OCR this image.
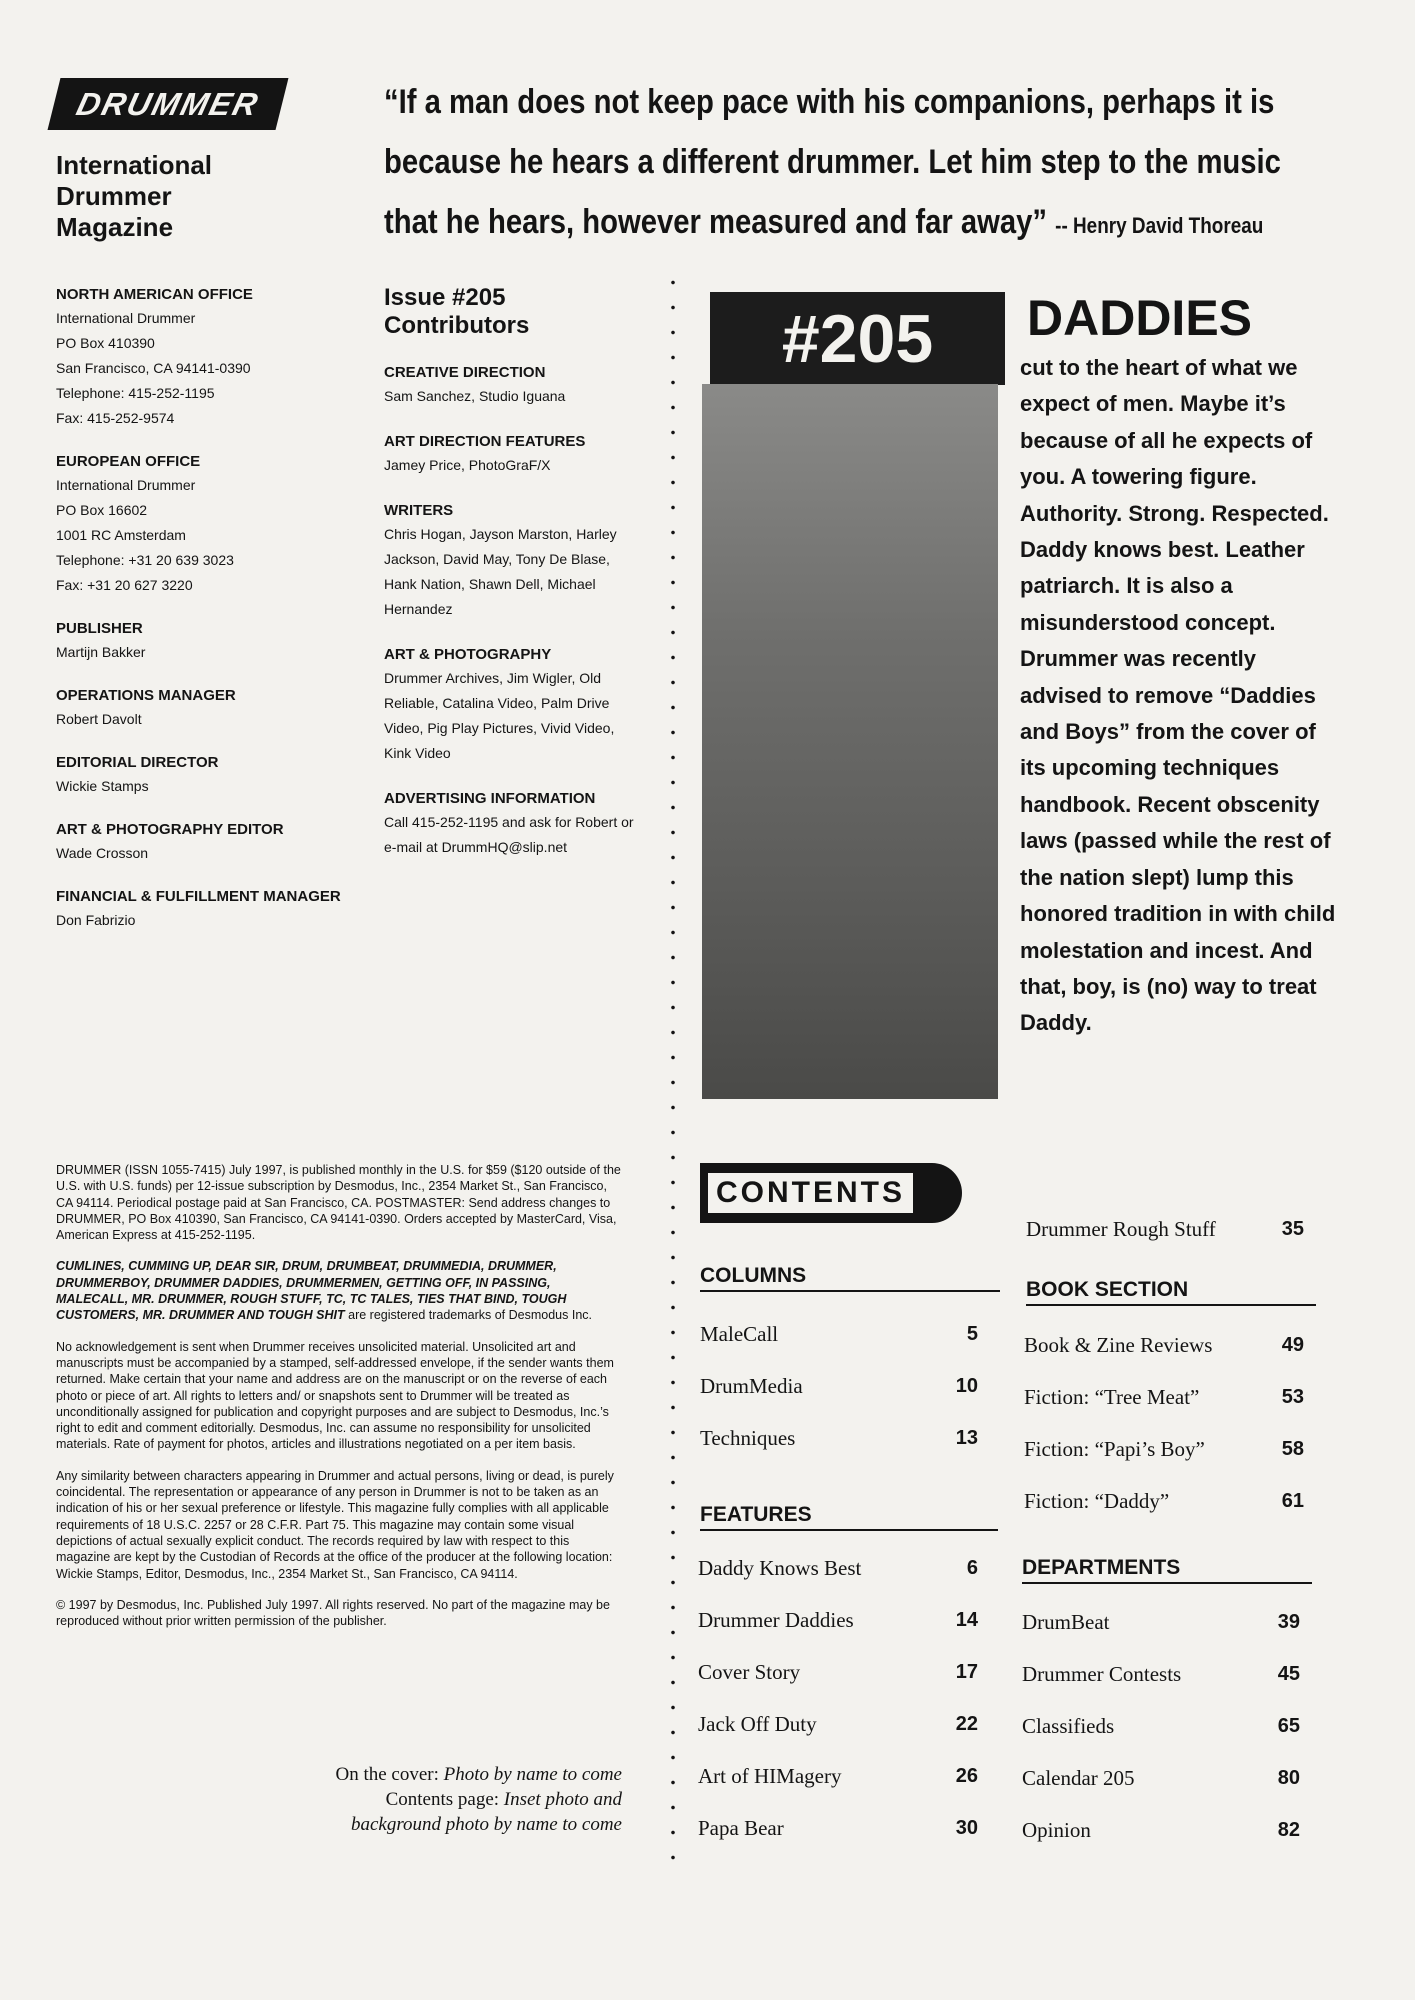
DRUMMER
International
Drummer
Magazine
“If a man does not keep pace with his companions, perhaps it is because he hears a different drummer. Let him step to the music that he hears, however measured and far away” -- Henry David Thoreau
NORTH AMERICAN OFFICE
International Drummer
PO Box 410390
San Francisco, CA 94141-0390
Telephone: 415-252-1195
Fax: 415-252-9574
EUROPEAN OFFICE
International Drummer
PO Box 16602
1001 RC Amsterdam
Telephone: +31 20 639 3023
Fax: +31 20 627 3220
PUBLISHER
Martijn Bakker
OPERATIONS MANAGER
Robert Davolt
EDITORIAL DIRECTOR
Wickie Stamps
ART & PHOTOGRAPHY EDITOR
Wade Crosson
FINANCIAL & FULFILLMENT MANAGER
Don Fabrizio
Issue #205
Contributors
CREATIVE DIRECTION
Sam Sanchez, Studio Iguana
ART DIRECTION FEATURES
Jamey Price, PhotoGraF/X
WRITERS
Chris Hogan, Jayson Marston, Harley Jackson, David May, Tony De Blase, Hank Nation, Shawn Dell, Michael Hernandez
ART & PHOTOGRAPHY
Drummer Archives, Jim Wigler, Old Reliable, Catalina Video, Palm Drive Video, Pig Play Pictures, Vivid Video, Kink Video
ADVERTISING INFORMATION
Call 415-252-1195 and ask for Robert or e-mail at DrummHQ@slip.net
#205 DADDIES
cut to the heart of what we expect of men. Maybe it’s because of all he expects of you. A towering figure. Authority. Strong. Respected. Daddy knows best. Leather patriarch. It is also a misunderstood concept. Drummer was recently advised to remove “Daddies and Boys” from the cover of its upcoming techniques handbook. Recent obscenity laws (passed while the rest of the nation slept) lump this honored tradition in with child molestation and incest. And that, boy, is (no) way to treat Daddy.

DRUMMER (ISSN 1055-7415) July 1997, is published monthly in the U.S. for $59 ($120 outside of the U.S. with U.S. funds) per 12-issue subscription by Desmodus, Inc., 2354 Market St., San Francisco, CA 94114. Periodical postage paid at San Francisco, CA. POSTMASTER: Send address changes to DRUMMER, PO Box 410390, San Francisco, CA 94141-0390. Orders accepted by MasterCard, Visa, American Express at 415-252-1195.

CUMLINES, CUMMING UP, DEAR SIR, DRUM, DRUMBEAT, DRUMMEDIA, DRUMMER, DRUMMERBOY, DRUMMER DADDIES, DRUMMERMEN, GETTING OFF, IN PASSING, MALECALL, MR. DRUMMER, ROUGH STUFF, TC, TC TALES, TIES THAT BIND, TOUGH CUSTOMERS, MR. DRUMMER AND TOUGH SHIT are registered trademarks of Desmodus Inc.

No acknowledgement is sent when Drummer receives unsolicited material. Unsolicited art and manuscripts must be accompanied by a stamped, self-addressed envelope, if the sender wants them returned. Make certain that your name and address are on the manuscript or on the reverse of each photo or piece of art. All rights to letters and/ or snapshots sent to Drummer will be treated as unconditionally assigned for publication and copyright purposes and are subject to Desmodus, Inc.’s right to edit and comment editorially. Desmodus, Inc. can assume no responsibility for unsolicited materials. Rate of payment for photos, articles and illustrations negotiated on a per item basis.

Any similarity between characters appearing in Drummer and actual persons, living or dead, is purely coincidental. The representation or appearance of any person in Drummer is not to be taken as an indication of his or her sexual preference or lifestyle. This magazine fully complies with all applicable requirements of 18 U.S.C. 2257 or 28 C.F.R. Part 75. This magazine may contain some visual depictions of actual sexually explicit conduct. The records required by law with respect to this magazine are kept by the Custodian of Records at the office of the producer at the following location: Wickie Stamps, Editor, Desmodus, Inc., 2354 Market St., San Francisco, CA 94114.

© 1997 by Desmodus, Inc. Published July 1997. All rights reserved. No part of the magazine may be reproduced without prior written permission of the publisher.

On the cover: Photo by name to come
Contents page: Inset photo and
background photo by name to come
CONTENTS
COLUMNS
MaleCall	5
DrumMedia	10
Techniques	13
FEATURES
Daddy Knows Best	6
Drummer Daddies	14
Cover Story	17
Jack Off Duty	22
Art of HIMagery	26
Papa Bear	30
Drummer Rough Stuff	35
BOOK SECTION
Book & Zine Reviews	49
Fiction: “Tree Meat”	53
Fiction: “Papi’s Boy”	58
Fiction: “Daddy”	61
DEPARTMENTS
DrumBeat	39
Drummer Contests	45
Classifieds	65
Calendar 205	80
Opinion	82
